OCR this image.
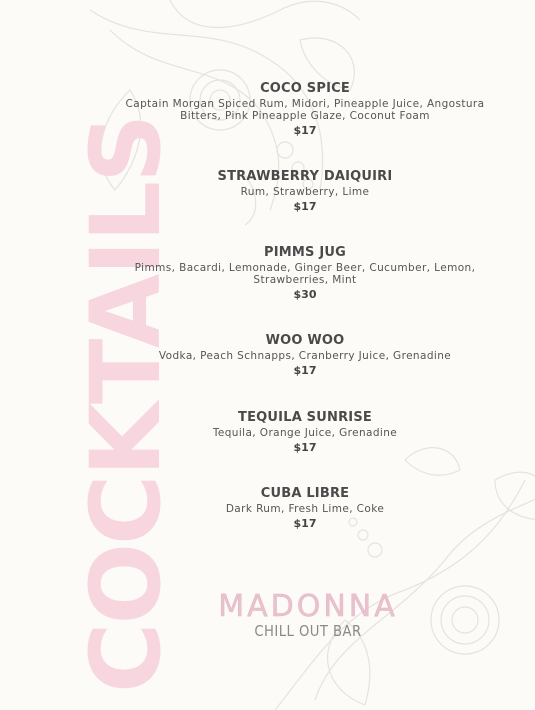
COCKTAILS
COCO SPICE
Captain Morgan Spiced Rum, Midori, Pineapple Juice, Angostura Bitters, Pink Pineapple Glaze, Coconut Foam
$17
STRAWBERRY DAIQUIRI
Rum, Strawberry, Lime
$17
PIMMS JUG
Pimms, Bacardi, Lemonade, Ginger Beer, Cucumber, Lemon, Strawberries, Mint
$30
WOO WOO
Vodka, Peach Schnapps, Cranberry Juice, Grenadine
$17
TEQUILA SUNRISE
Tequila, Orange Juice, Grenadine
$17
CUBA LIBRE
Dark Rum, Fresh Lime, Coke
$17
MADONNA
CHILL OUT BAR
